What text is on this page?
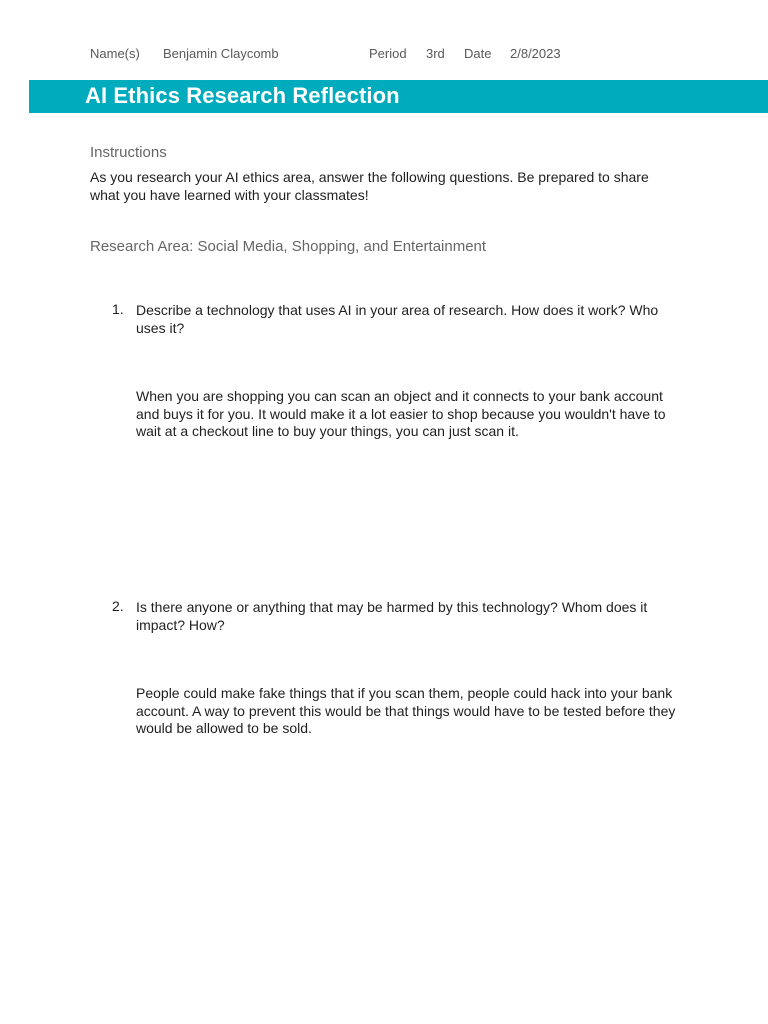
Name(s) Benjamin Claycomb	Period 3rd Date 2/8/2023
AI Ethics Research Reflection
Instructions
As you research your AI ethics area, answer the following questions. Be prepared to share what you have learned with your classmates!
Research Area: Social Media, Shopping, and Entertainment
1. Describe a technology that uses AI in your area of research. How does it work? Who uses it?
When you are shopping you can scan an object and it connects to your bank account and buys it for you. It would make it a lot easier to shop because you wouldn't have to wait at a checkout line to buy your things, you can just scan it.
2. Is there anyone or anything that may be harmed by this technology? Whom does it impact? How?
People could make fake things that if you scan them, people could hack into your bank account. A way to prevent this would be that things would have to be tested before they would be allowed to be sold.
